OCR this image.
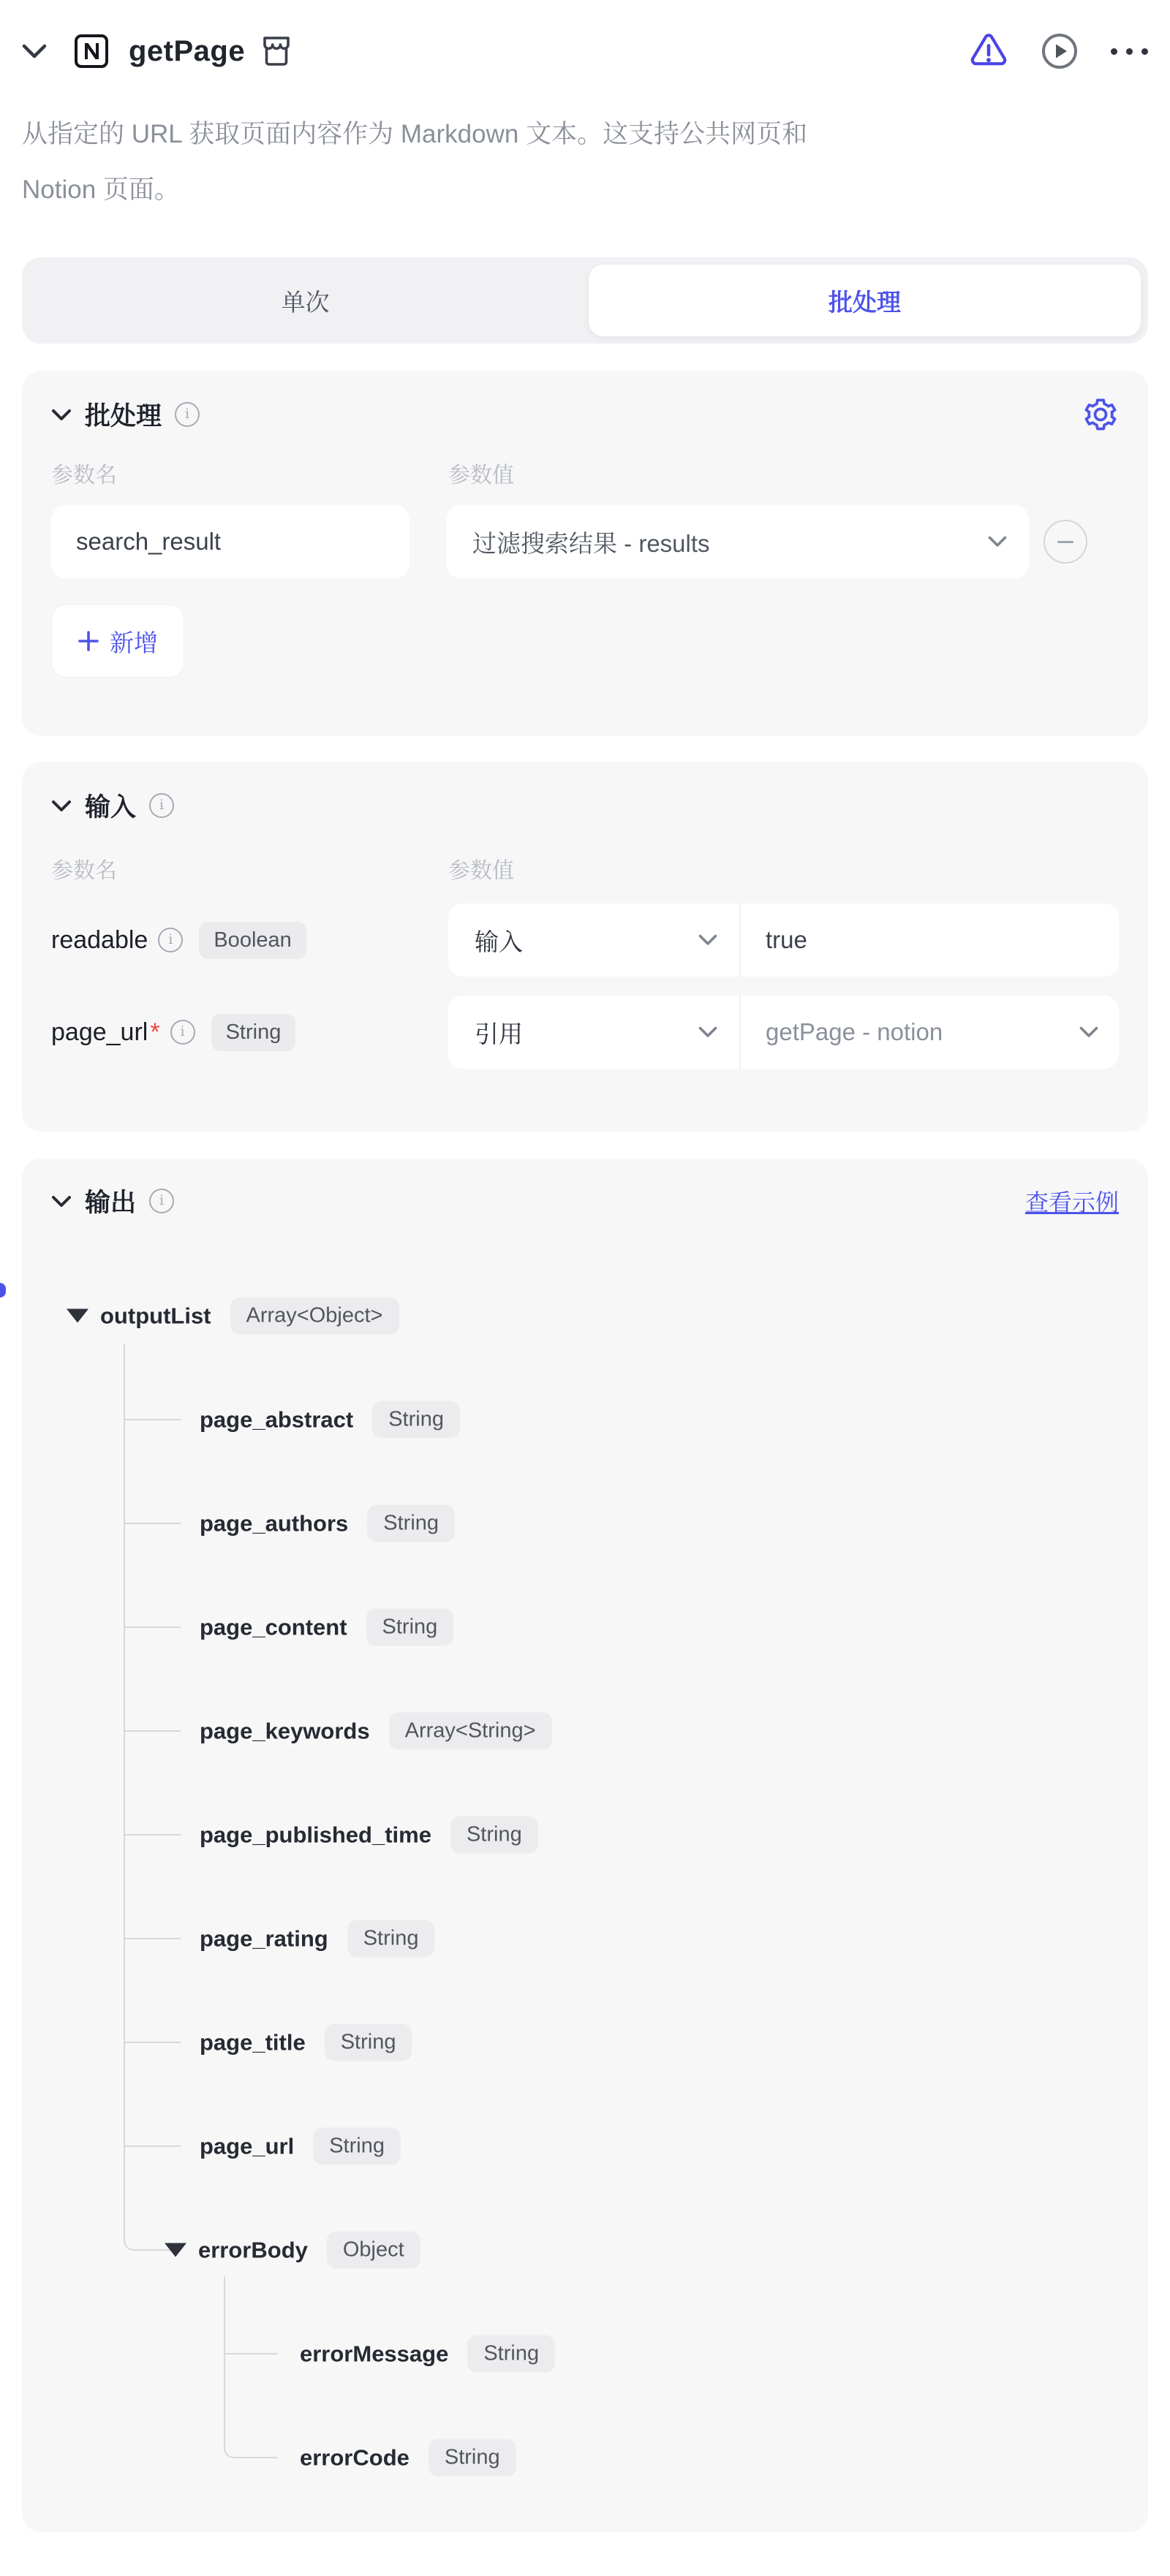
getPage
从指定的 URL 获取页面内容作为 Markdown 文本。这支持公共网页和
Notion 页面。
单次	批处理
批处理	i
参数名	参数值
search_result	过滤搜索结果 - results
新增
输入	i
参数名	参数值
readable	i	Boolean	输入	true
page_url *	i	String	引用	getPage - notion
输出	i	查看示例
outputList	Array<Object>
page_abstract	String
page_authors	String
page_content	String
page_keywords	Array<String>
page_published_time	String
page_rating	String
page_title	String
page_url	String
errorBody	Object
errorMessage	String
errorCode	String
